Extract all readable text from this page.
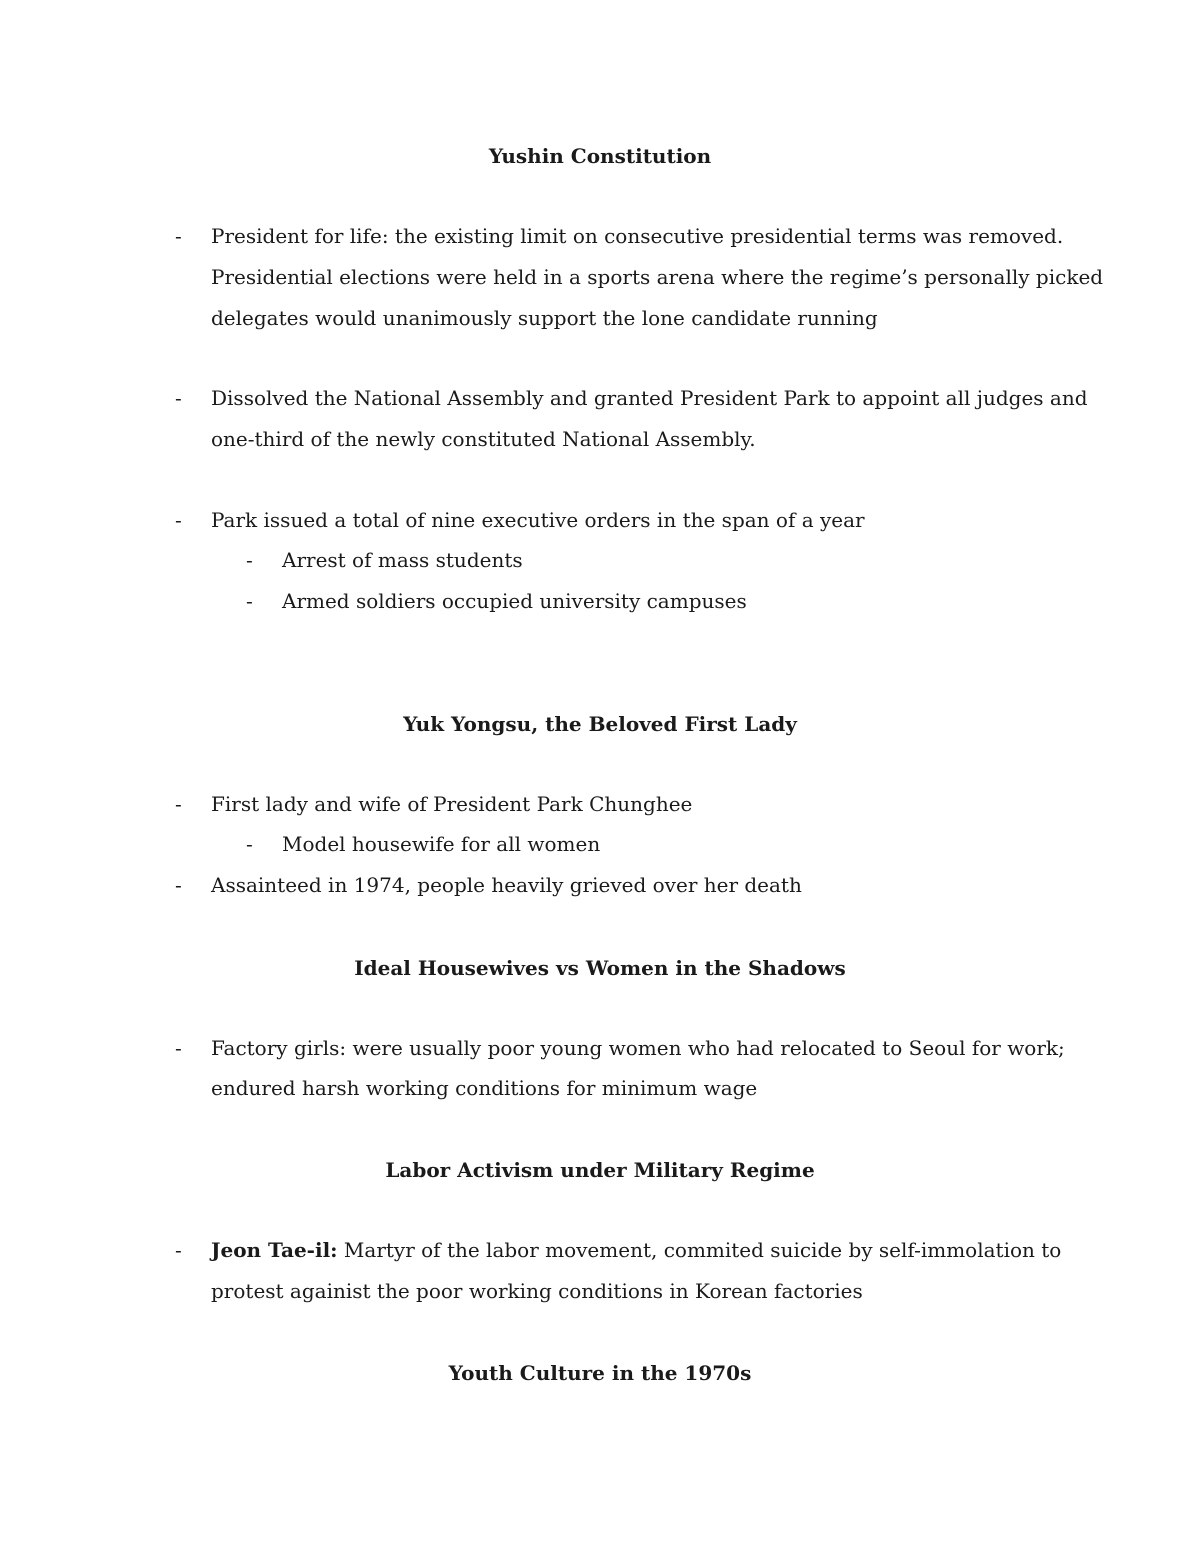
Yushin Constitution

- President for life: the existing limit on consecutive presidential terms was removed.

Presidential elections were held in a sports arena where the regime’s personally picked

delegates would unanimously support the lone candidate running

- Dissolved the National Assembly and granted President Park to appoint all judges and

one-third of the newly constituted National Assembly.

- Park issued a total of nine executive orders in the span of a year

- Arrest of mass students

- Armed soldiers occupied university campuses

Yuk Yongsu, the Beloved First Lady

- First lady and wife of President Park Chunghee

- Model housewife for all women

- Assainteed in 1974, people heavily grieved over her death

Ideal Housewives vs Women in the Shadows

- Factory girls: were usually poor young women who had relocated to Seoul for work;

endured harsh working conditions for minimum wage

Labor Activism under Military Regime

- Jeon Tae-il: Martyr of the labor movement, commited suicide by self-immolation to

protest againist the poor working conditions in Korean factories

Youth Culture in the 1970s
